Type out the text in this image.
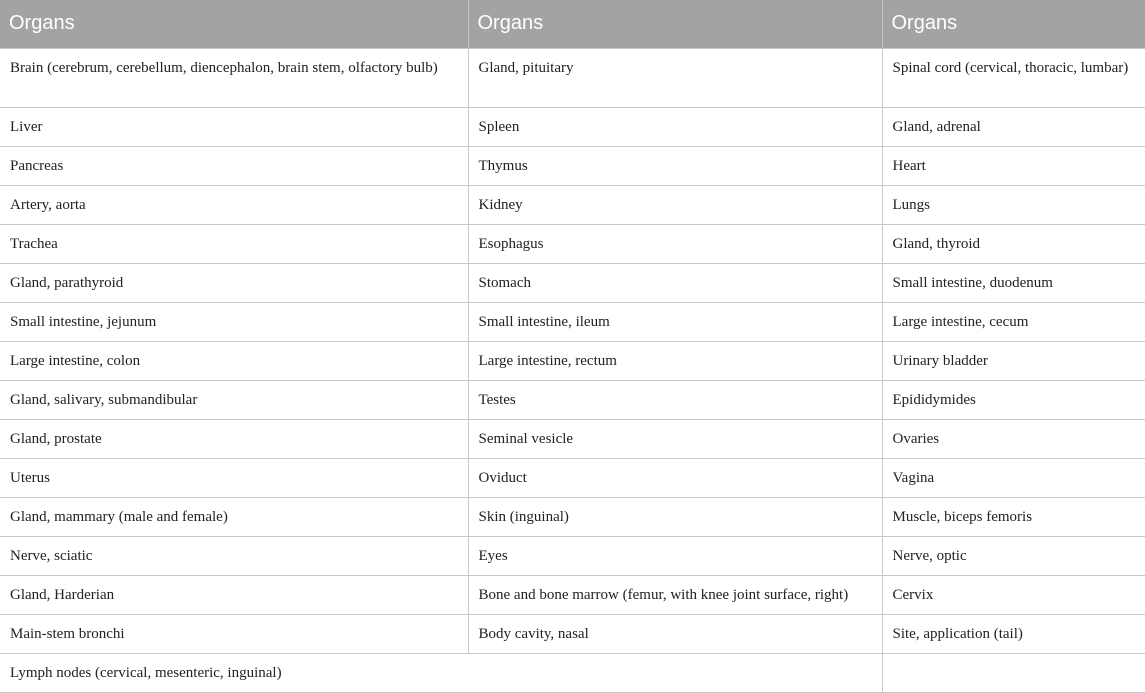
Organs	Organs	Organs
Brain (cerebrum, cerebellum, diencephalon, brain stem, olfactory bulb)	Gland, pituitary	Spinal cord (cervical, thoracic, lumbar)
Liver	Spleen	Gland, adrenal
Pancreas	Thymus	Heart
Artery, aorta	Kidney	Lungs
Trachea	Esophagus	Gland, thyroid
Gland, parathyroid	Stomach	Small intestine, duodenum
Small intestine, jejunum	Small intestine, ileum	Large intestine, cecum
Large intestine, colon	Large intestine, rectum	Urinary bladder
Gland, salivary, submandibular	Testes	Epididymides
Gland, prostate	Seminal vesicle	Ovaries
Uterus	Oviduct	Vagina
Gland, mammary (male and female)	Skin (inguinal)	Muscle, biceps femoris
Nerve, sciatic	Eyes	Nerve, optic
Gland, Harderian	Bone and bone marrow (femur, with knee joint surface, right)	Cervix
Main-stem bronchi	Body cavity, nasal	Site, application (tail)
Lymph nodes (cervical, mesenteric, inguinal)		
